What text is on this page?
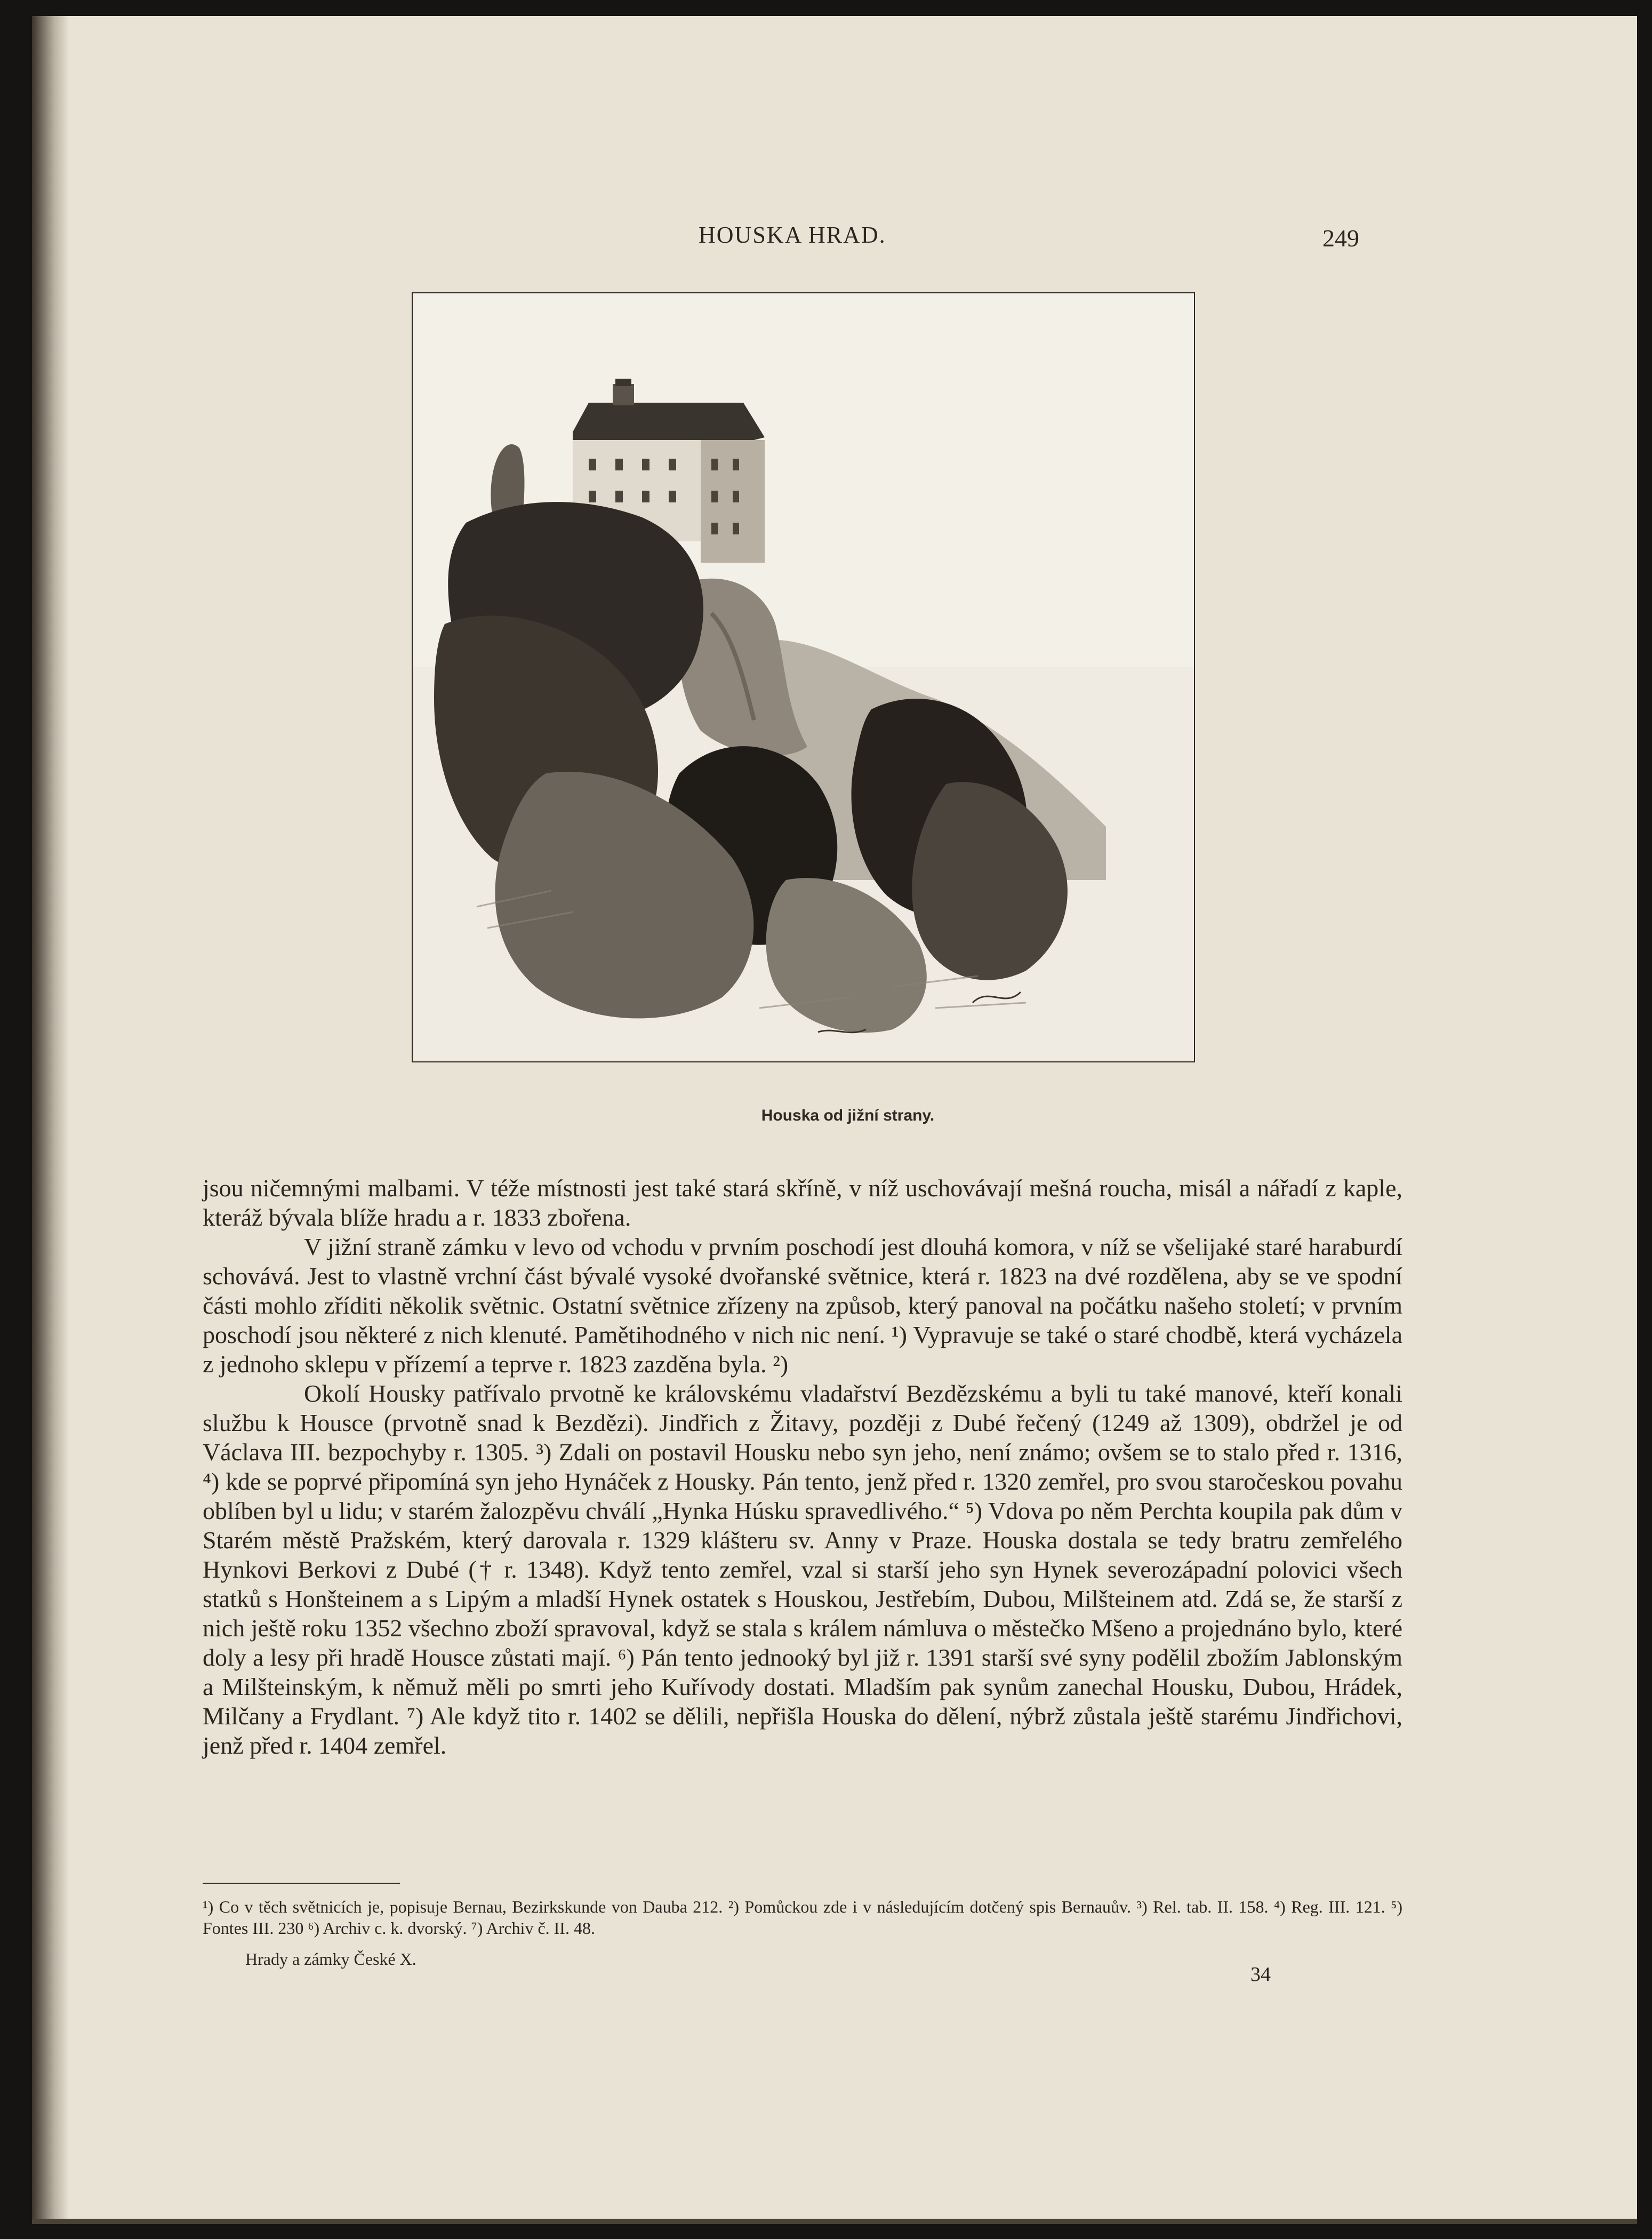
HOUSKA HRAD.	249
Houska od jižní strany.

jsou ničemnými malbami. V téže místnosti jest také stará skříně, v níž uschovávají mešná roucha, misál a nářadí z kaple, kteráž bývala blíže hradu a r. 1833 zbořena.

V jižní straně zámku v levo od vchodu v prvním poschodí jest dlouhá komora, v níž se všelijaké staré haraburdí schovává. Jest to vlastně vrchní část bývalé vysoké dvořanské světnice, která r. 1823 na dvé rozdělena, aby se ve spodní části mohlo zříditi několik světnic. Ostatní světnice zřízeny na způsob, který panoval na počátku našeho století; v prvním poschodí jsou některé z nich klenuté. Pamětihodného v nich nic není. ¹) Vypravuje se také o staré chodbě, která vycházela z jednoho sklepu v přízemí a teprve r. 1823 zazděna byla. ²)

Okolí Housky patřívalo prvotně ke královskému vladařství Bezdězskému a byli tu také manové, kteří konali službu k Housce (prvotně snad k Bezdězi). Jindřich z Žitavy, později z Dubé řečený (1249 až 1309), obdržel je od Václava III. bezpochyby r. 1305. ³) Zdali on postavil Housku nebo syn jeho, není známo; ovšem se to stalo před r. 1316, ⁴) kde se poprvé připomíná syn jeho Hynáček z Housky. Pán tento, jenž před r. 1320 zemřel, pro svou staročeskou povahu oblíben byl u lidu; v starém žalozpěvu chválí „Hynka Húsku spravedlivého.“ ⁵) Vdova po něm Perchta koupila pak dům v Starém městě Pražském, který darovala r. 1329 klášteru sv. Anny v Praze. Houska dostala se tedy bratru zemřelého Hynkovi Berkovi z Dubé († r. 1348). Když tento zemřel, vzal si starší jeho syn Hynek severozápadní polovici všech statků s Honšteinem a s Lipým a mladší Hynek ostatek s Houskou, Jestřebím, Dubou, Milšteinem atd. Zdá se, že starší z nich ještě roku 1352 všechno zboží spravoval, když se stala s králem námluva o městečko Mšeno a projednáno bylo, které doly a lesy při hradě Housce zůstati mají. ⁶) Pán tento jednooký byl již r. 1391 starší své syny podělil zbožím Jablonským a Milšteinským, k němuž měli po smrti jeho Kuřívody dostati. Mladším pak synům zanechal Housku, Dubou, Hrádek, Milčany a Frydlant. ⁷) Ale když tito r. 1402 se dělili, nepřišla Houska do dělení, nýbrž zůstala ještě starému Jindřichovi, jenž před r. 1404 zemřel.

¹) Co v těch světnicích je, popisuje Bernau, Bezirkskunde von Dauba 212. ²) Pomůckou zde i v následujícím dotčený spis Bernauův. ³) Rel. tab. II. 158. ⁴) Reg. III. 121. ⁵) Fontes III. 230 ⁶) Archiv c. k. dvorský. ⁷) Archiv č. II. 48.
Hrady a zámky České X.
34
